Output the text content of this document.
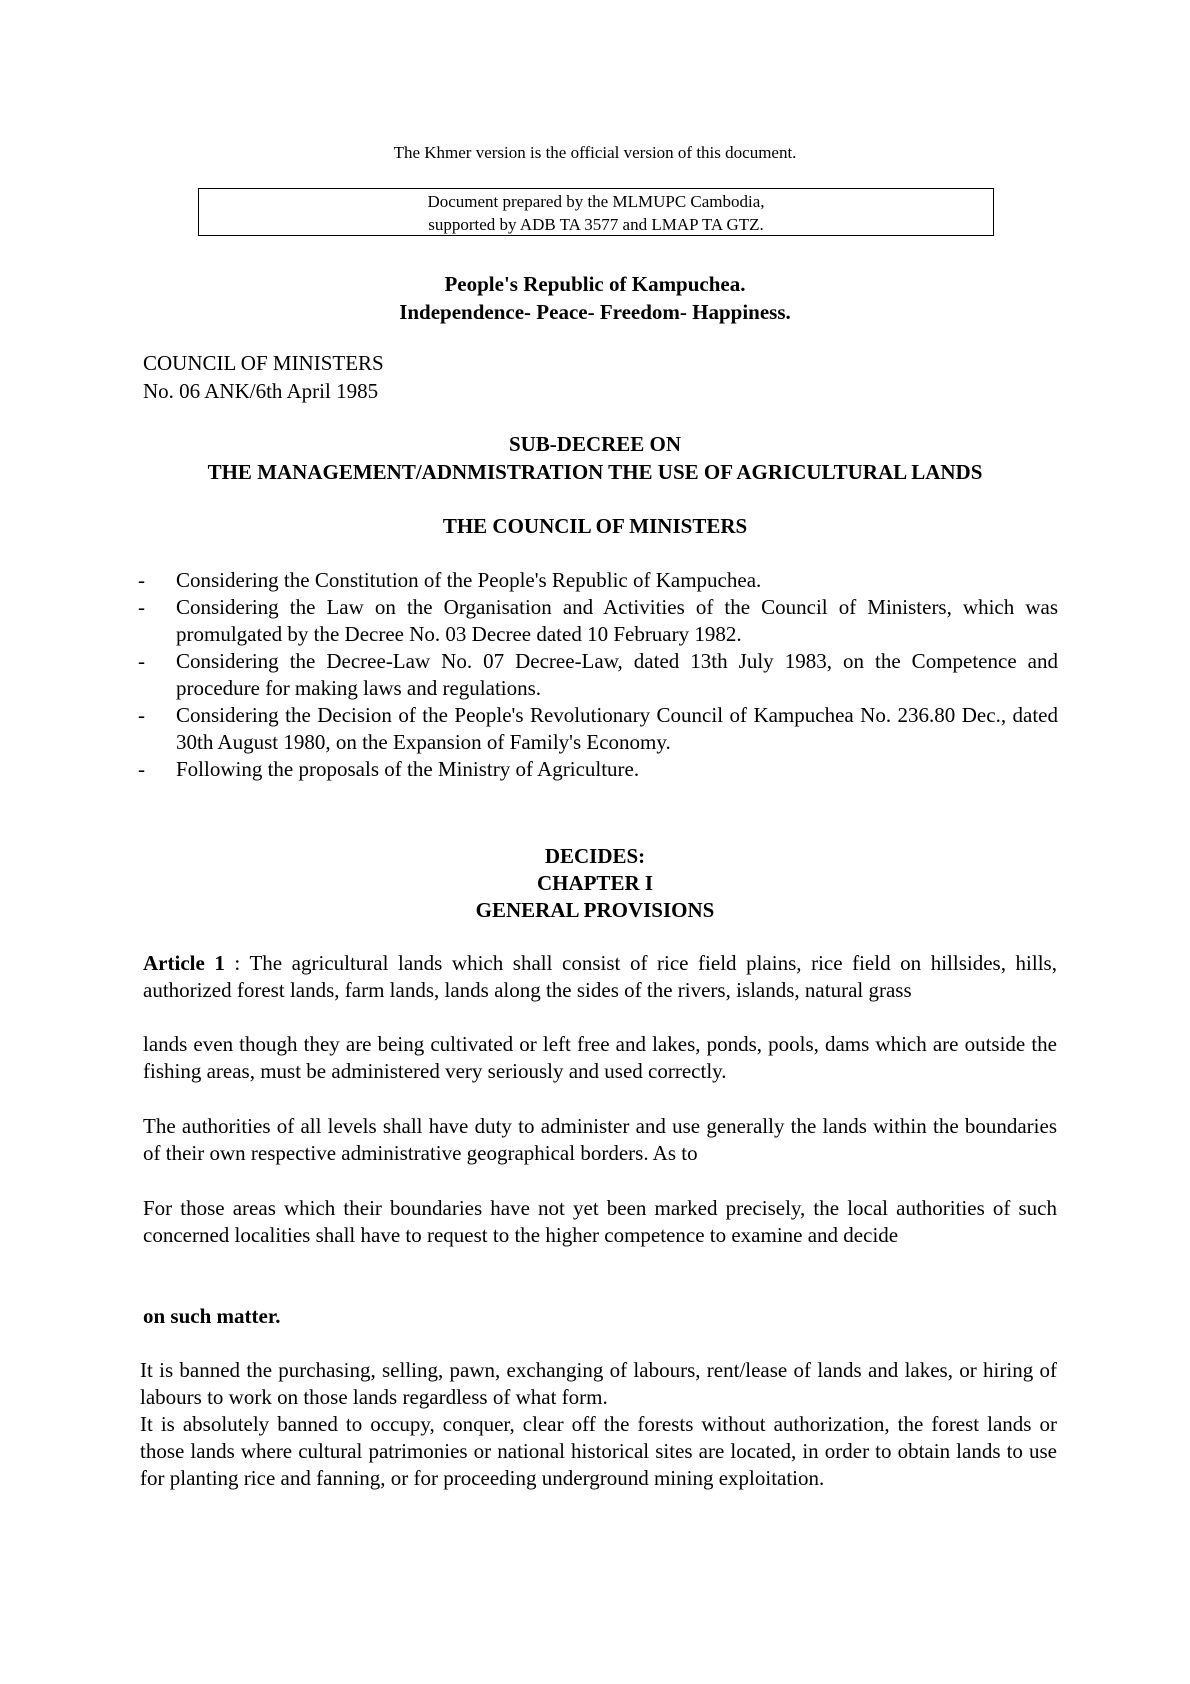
The Khmer version is the official version of this document.

Document prepared by the MLMUPC Cambodia,
supported by ADB TA 3577 and LMAP TA GTZ.
People's Republic of Kampuchea.
Independence- Peace- Freedom- Happiness.
COUNCIL OF MINISTERS
No. 06 ANK/6th April 1985
SUB-DECREE ON
THE MANAGEMENT/ADNMISTRATION THE USE OF AGRICULTURAL LANDS
THE COUNCIL OF MINISTERS
- Considering the Constitution of the People's Republic of Kampuchea.
- Considering the Law on the Organisation and Activities of the Council of Ministers, which was promulgated by the Decree No. 03 Decree dated 10 February 1982.
- Considering the Decree-Law No. 07 Decree-Law, dated 13th July 1983, on the Competence and procedure for making laws and regulations.
- Considering the Decision of the People's Revolutionary Council of Kampuchea No. 236.80 Dec., dated 30th August 1980, on the Expansion of Family's Economy.
- Following the proposals of the Ministry of Agriculture.
DECIDES:
CHAPTER I
GENERAL PROVISIONS

Article 1 : The agricultural lands which shall consist of rice field plains, rice field on hillsides, hills, authorized forest lands, farm lands, lands along the sides of the rivers, islands, natural grass

lands even though they are being cultivated or left free and lakes, ponds, pools, dams which are outside the fishing areas, must be administered very seriously and used correctly.

The authorities of all levels shall have duty to administer and use generally the lands within the boundaries of their own respective administrative geographical borders. As to

For those areas which their boundaries have not yet been marked precisely, the local authorities of such concerned localities shall have to request to the higher competence to examine and decide

on such matter.

It is banned the purchasing, selling, pawn, exchanging of labours, rent/lease of lands and lakes, or hiring of labours to work on those lands regardless of what form.

It is absolutely banned to occupy, conquer, clear off the forests without authorization, the forest lands or those lands where cultural patrimonies or national historical sites are located, in order to obtain lands to use for planting rice and fanning, or for proceeding underground mining exploitation.
